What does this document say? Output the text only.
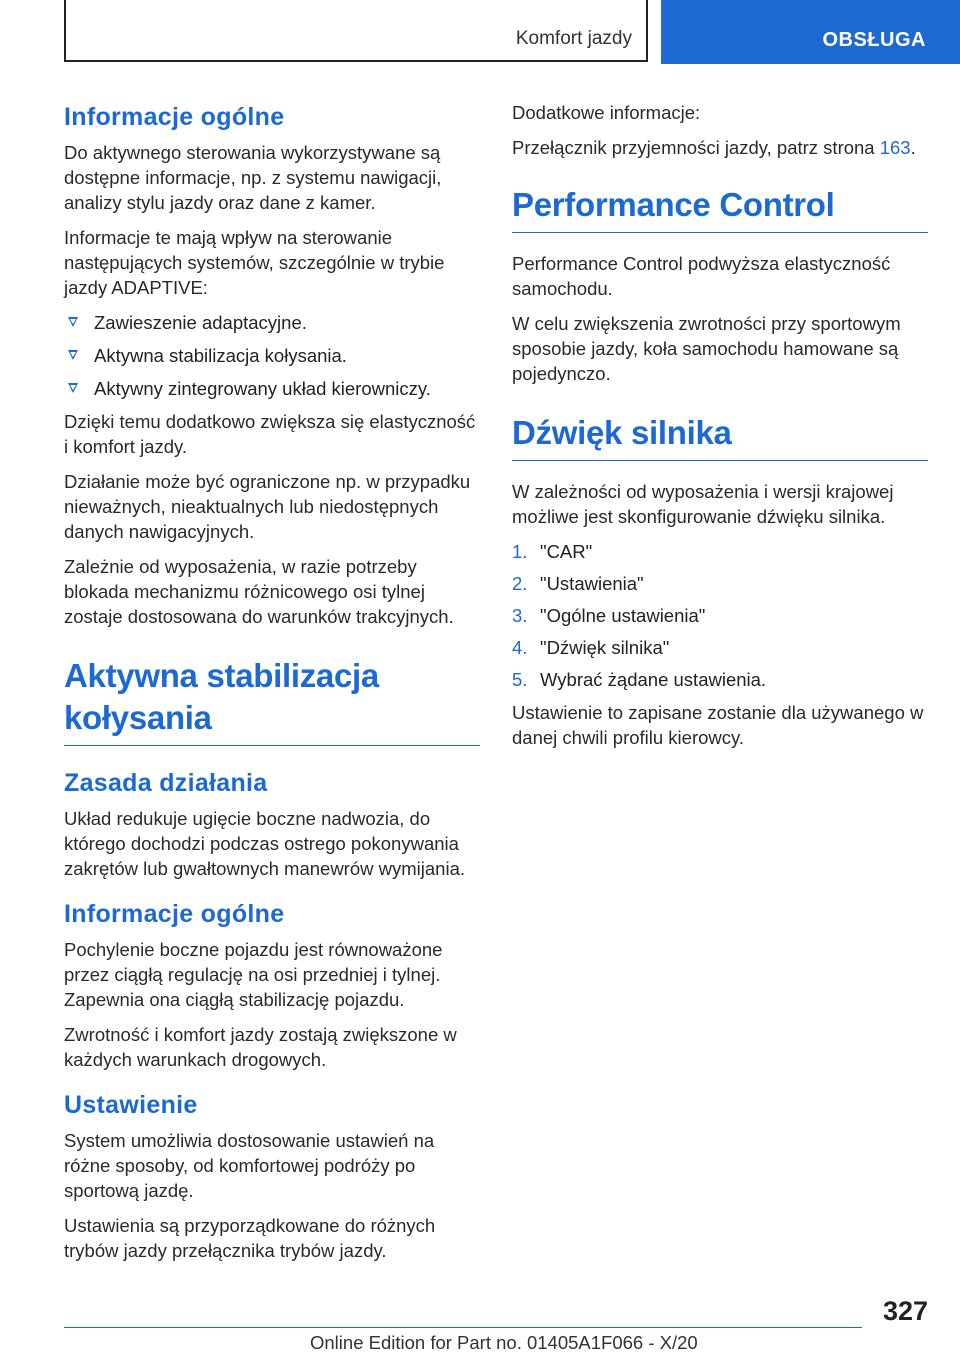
Komfort jazdy	OBSŁUGA
Informacje ogólne

Do aktywnego sterowania wykorzystywane są dostępne informacje, np. z systemu nawigacji, analizy stylu jazdy oraz dane z kamer.

Informacje te mają wpływ na sterowanie następujących systemów, szczególnie w trybie jazdy ADAPTIVE:

Zawieszenie adaptacyjne.
Aktywna stabilizacja kołysania.
Aktywny zintegrowany układ kierowniczy.

Dzięki temu dodatkowo zwiększa się elastyczność i komfort jazdy.

Działanie może być ograniczone np. w przypadku nieważnych, nieaktualnych lub niedostępnych danych nawigacyjnych.

Zależnie od wyposażenia, w razie potrzeby blokada mechanizmu różnicowego osi tylnej zostaje dostosowana do warunków trakcyjnych.

Aktywna stabilizacja kołysania
Zasada działania

Układ redukuje ugięcie boczne nadwozia, do którego dochodzi podczas ostrego pokonywania zakrętów lub gwałtownych manewrów wymijania.

Informacje ogólne

Pochylenie boczne pojazdu jest równoważone przez ciągłą regulację na osi przedniej i tylnej. Zapewnia ona ciągłą stabilizację pojazdu.

Zwrotność i komfort jazdy zostają zwiększone w każdych warunkach drogowych.

Ustawienie

System umożliwia dostosowanie ustawień na różne sposoby, od komfortowej podróży po sportową jazdę.

Ustawienia są przyporządkowane do różnych trybów jazdy przełącznika trybów jazdy.

Dodatkowe informacje:

Przełącznik przyjemności jazdy, patrz strona 163.

Performance Control

Performance Control podwyższa elastyczność samochodu.

W celu zwiększenia zwrotności przy sportowym sposobie jazdy, koła samochodu hamowane są pojedynczo.

Dźwięk silnika

W zależności od wyposażenia i wersji krajowej możliwe jest skonfigurowanie dźwięku silnika.

1. "CAR"
2. "Ustawienia"
3. "Ogólne ustawienia"
4. "Dźwięk silnika"
5. Wybrać żądane ustawienia.

Ustawienie to zapisane zostanie dla używanego w danej chwili profilu kierowcy.

327
Online Edition for Part no. 01405A1F066 - X/20
